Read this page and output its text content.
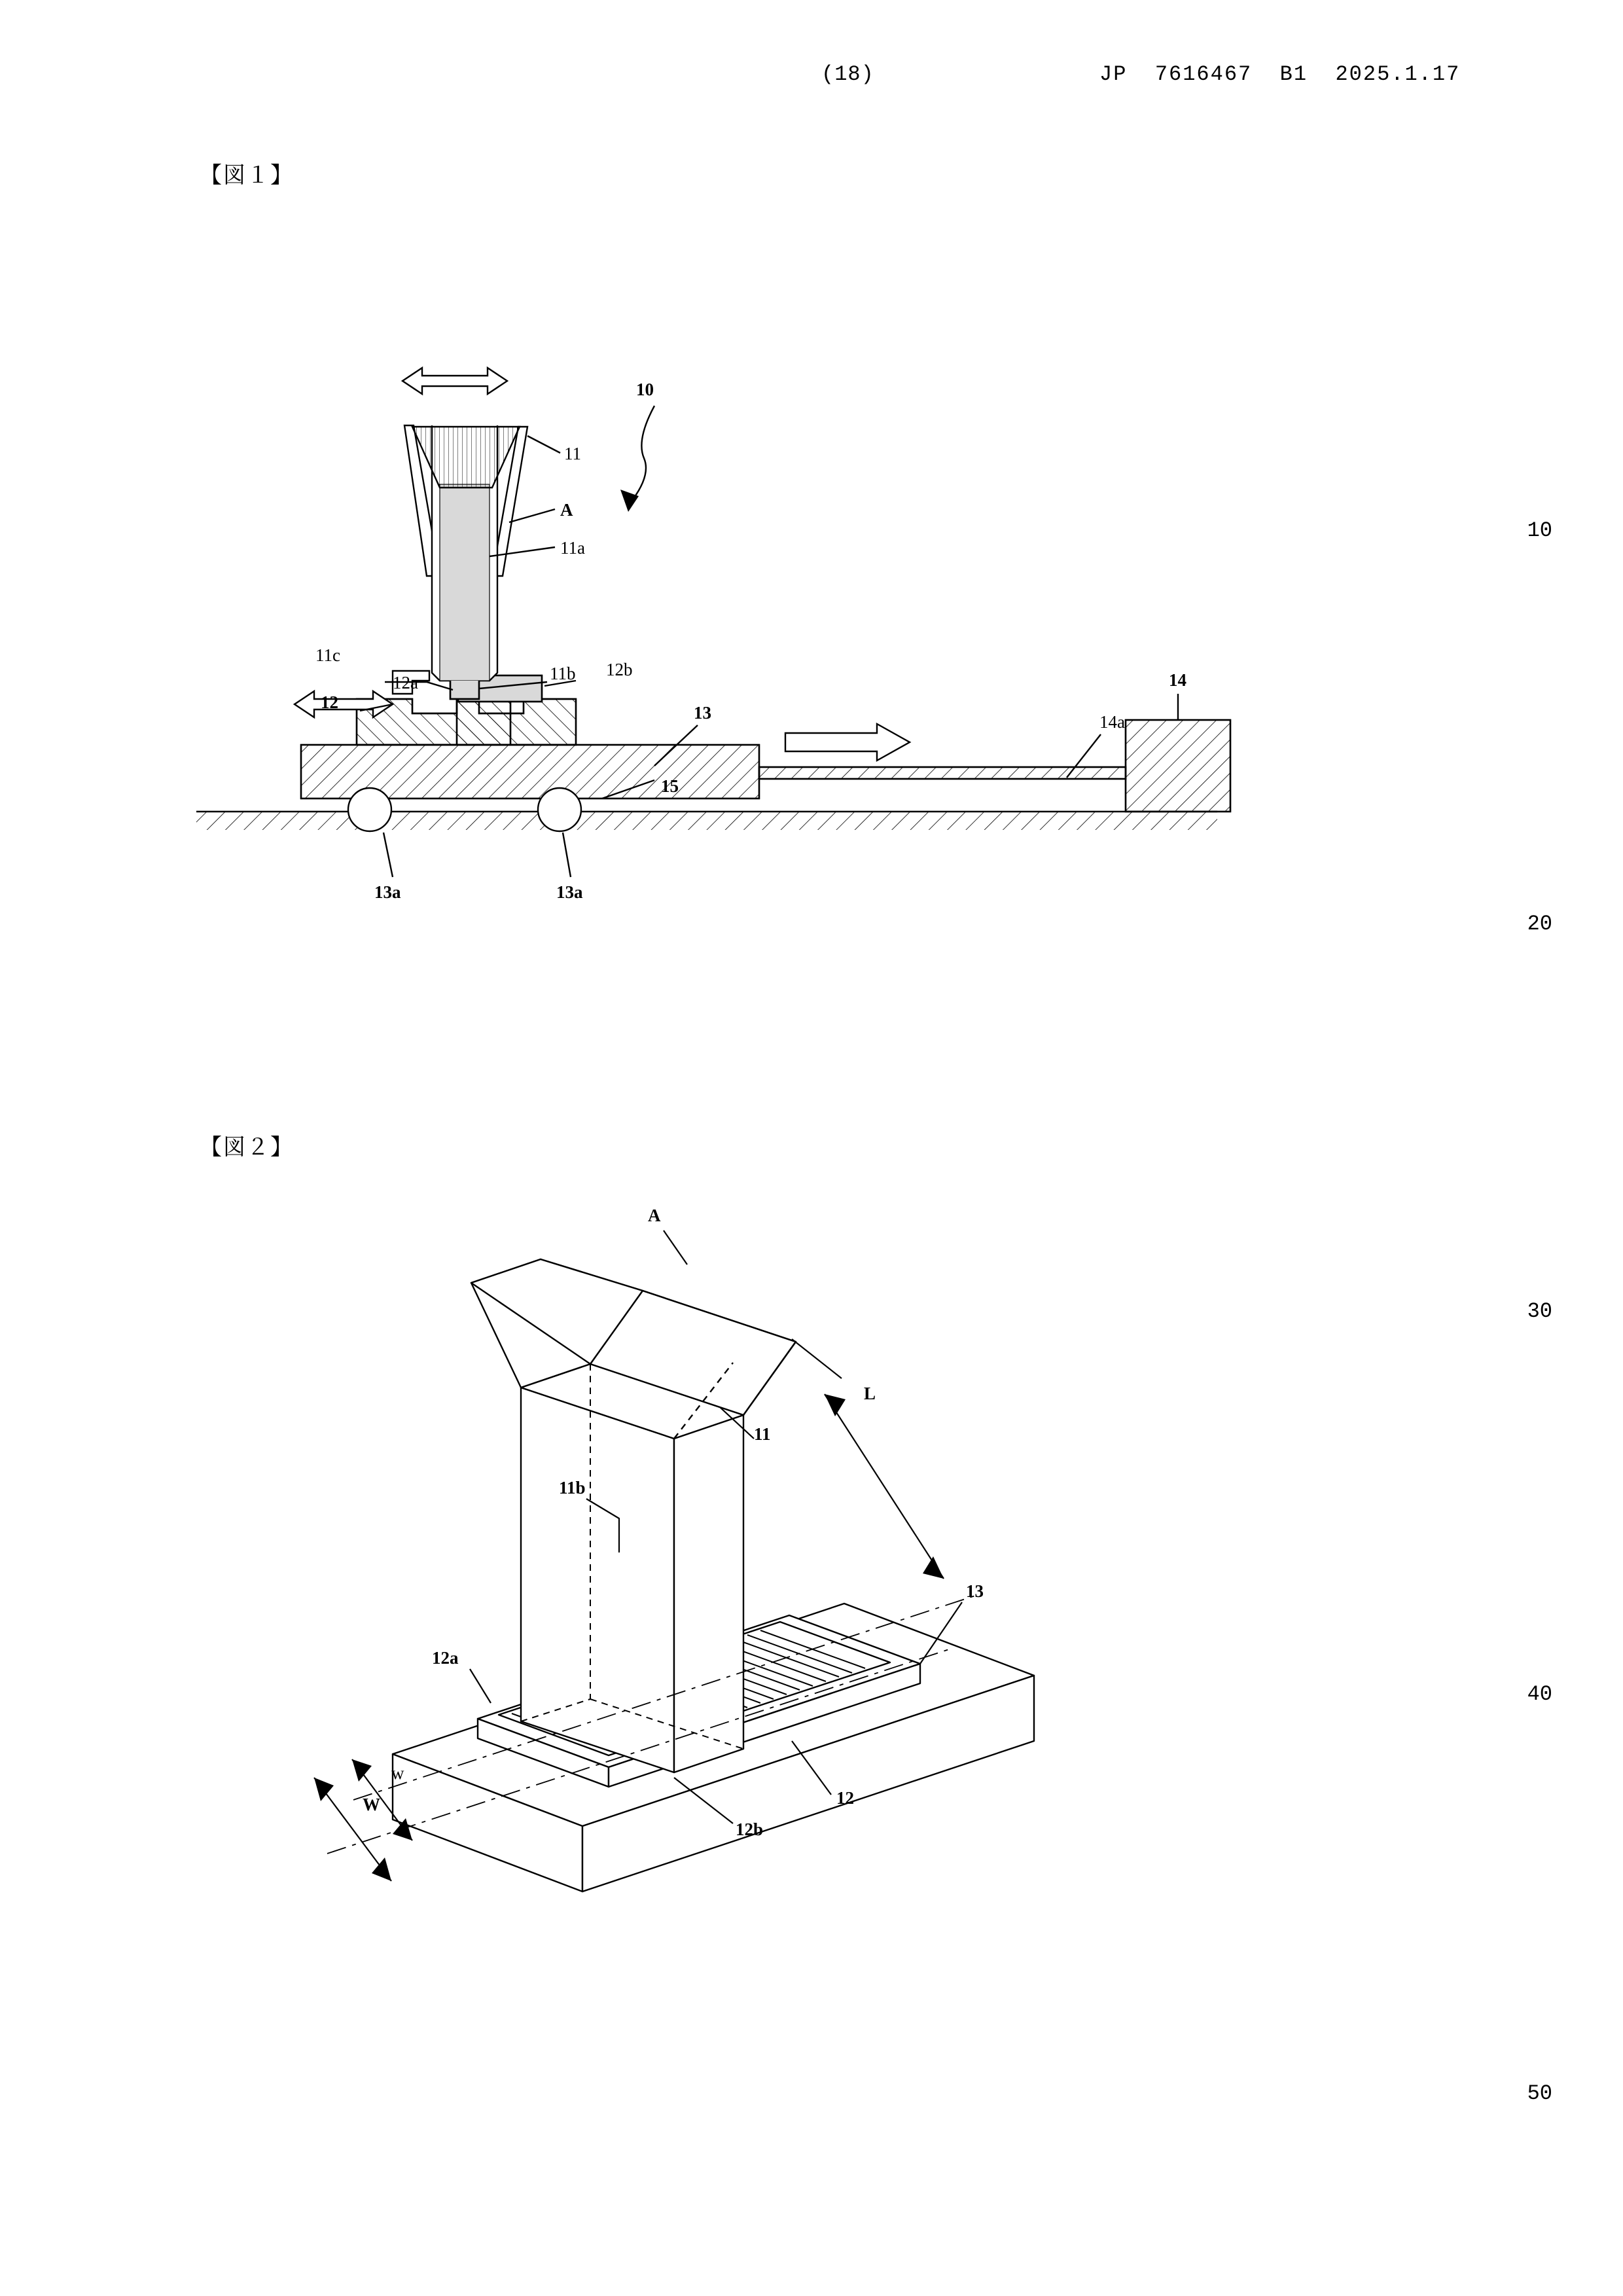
(18)	JP  7616467  B1  2025.1.17
10
20
30
40
50
【図１】
10
11
A
11a
11b 12b
11c
12
12a
13	14a
14
15
13a	13a
【図２】
A
L
11
13
11b
12a
12b
12
W
w
